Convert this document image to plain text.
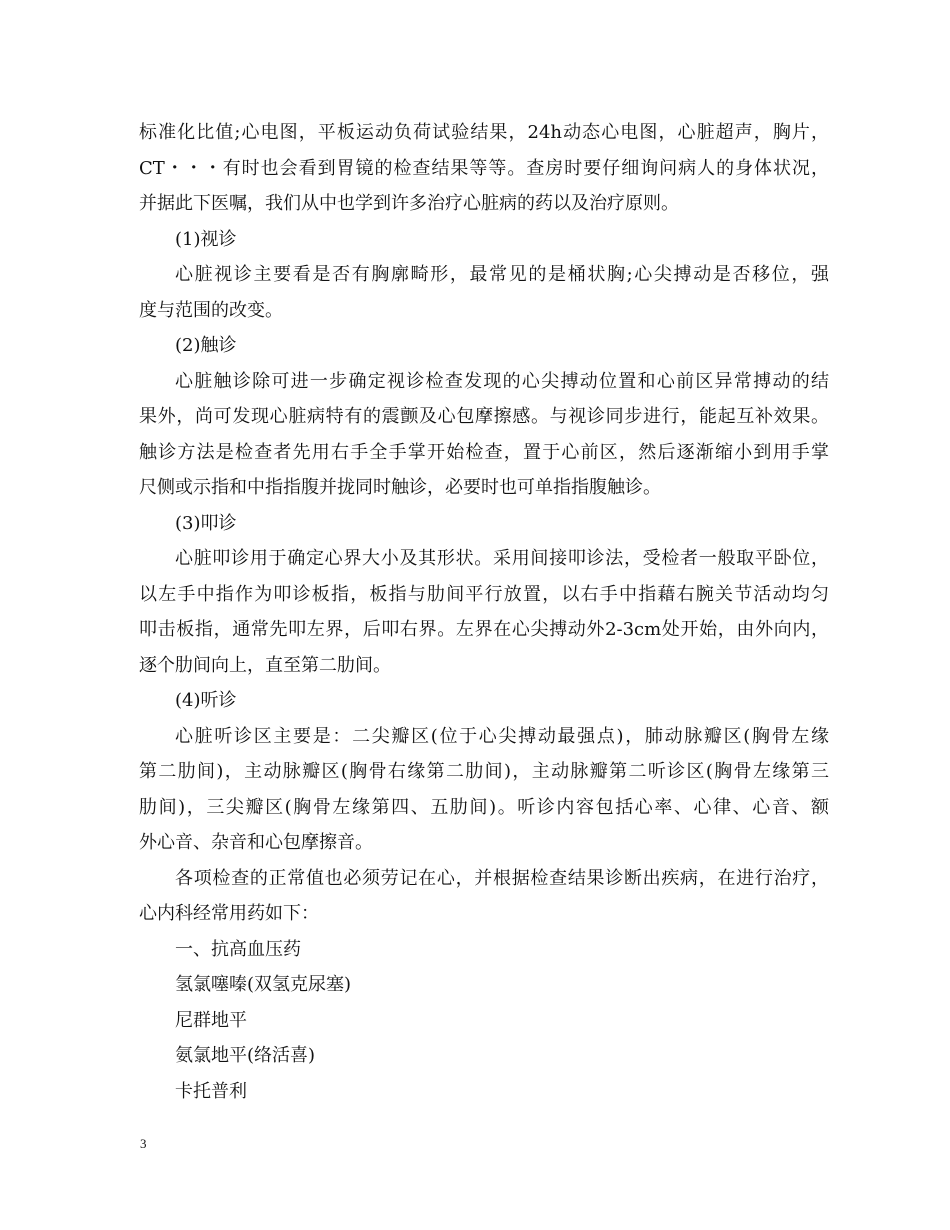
标准化比值;心电图，平板运动负荷试验结果，24h动态心电图，心脏超声，胸片，
CT・・・有时也会看到胃镜的检查结果等等。查房时要仔细询问病人的身体状况，
并据此下医嘱，我们从中也学到许多治疗心脏病的药以及治疗原则。
(1)视诊
心脏视诊主要看是否有胸廓畸形，最常见的是桶状胸;心尖搏动是否移位，强
度与范围的改变。
(2)触诊
心脏触诊除可进一步确定视诊检查发现的心尖搏动位置和心前区异常搏动的结
果外，尚可发现心脏病特有的震颤及心包摩擦感。与视诊同步进行，能起互补效果。
触诊方法是检查者先用右手全手掌开始检查，置于心前区，然后逐渐缩小到用手掌
尺侧或示指和中指指腹并拢同时触诊，必要时也可单指指腹触诊。
(3)叩诊
心脏叩诊用于确定心界大小及其形状。采用间接叩诊法，受检者一般取平卧位，
以左手中指作为叩诊板指，板指与肋间平行放置，以右手中指藉右腕关节活动均匀
叩击板指，通常先叩左界，后叩右界。左界在心尖搏动外2-3cm处开始，由外向内，
逐个肋间向上，直至第二肋间。
(4)听诊
心脏听诊区主要是：二尖瓣区(位于心尖搏动最强点)，肺动脉瓣区(胸骨左缘
第二肋间)，主动脉瓣区(胸骨右缘第二肋间)，主动脉瓣第二听诊区(胸骨左缘第三
肋间)，三尖瓣区(胸骨左缘第四、五肋间)。听诊内容包括心率、心律、心音、额
外心音、杂音和心包摩擦音。
各项检查的正常值也必须劳记在心，并根据检查结果诊断出疾病，在进行治疗，
心内科经常用药如下：
一、抗高血压药
氢氯噻嗪(双氢克尿塞)
尼群地平
氨氯地平(络活喜)
卡托普利
3
